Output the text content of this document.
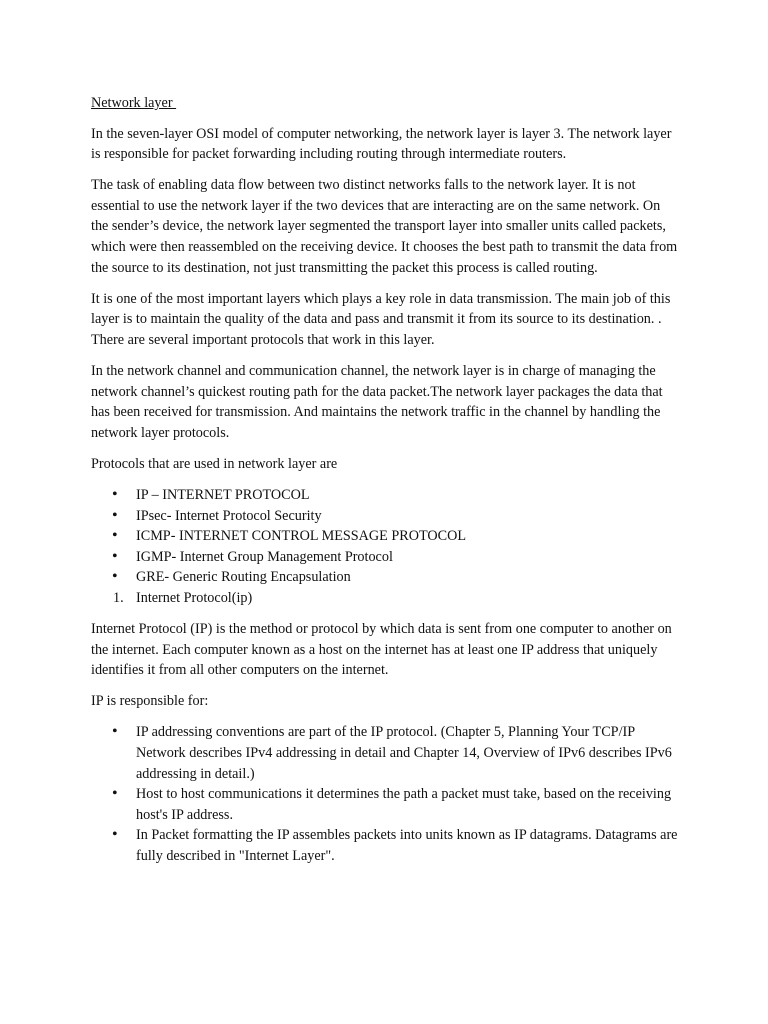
Network layer

In the seven-layer OSI model of computer networking, the network layer is layer 3. The network layer is responsible for packet forwarding including routing through intermediate routers.

The task of enabling data flow between two distinct networks falls to the network layer. It is not essential to use the network layer if the two devices that are interacting are on the same network. On the sender’s device, the network layer segmented the transport layer into smaller units called packets, which were then reassembled on the receiving device. It chooses the best path to transmit the data from the source to its destination, not just transmitting the packet this process is called routing.

It is one of the most important layers which plays a key role in data transmission. The main job of this layer is to maintain the quality of the data and pass and transmit it from its source to its destination. . There are several important protocols that work in this layer.

In the network channel and communication channel, the network layer is in charge of managing the network channel’s quickest routing path for the data packet.The network layer packages the data that has been received for transmission. And maintains the network traffic in the channel by handling the network layer protocols.

Protocols that are used in network layer are

• IP – INTERNET PROTOCOL
• IPsec- Internet Protocol Security
• ICMP- INTERNET CONTROL MESSAGE PROTOCOL
• IGMP- Internet Group Management Protocol
• GRE- Generic Routing Encapsulation
1. Internet Protocol(ip)

Internet Protocol (IP) is the method or protocol by which data is sent from one computer to another on the internet. Each computer known as a host on the internet has at least one IP address that uniquely identifies it from all other computers on the internet.

IP is responsible for:

• IP addressing conventions are part of the IP protocol. (Chapter 5, Planning Your TCP/IP Network describes IPv4 addressing in detail and Chapter 14, Overview of IPv6 describes IPv6 addressing in detail.)
• Host to host communications it determines the path a packet must take, based on the receiving host's IP address.
• In Packet formatting the IP assembles packets into units known as IP datagrams. Datagrams are fully described in "Internet Layer".
